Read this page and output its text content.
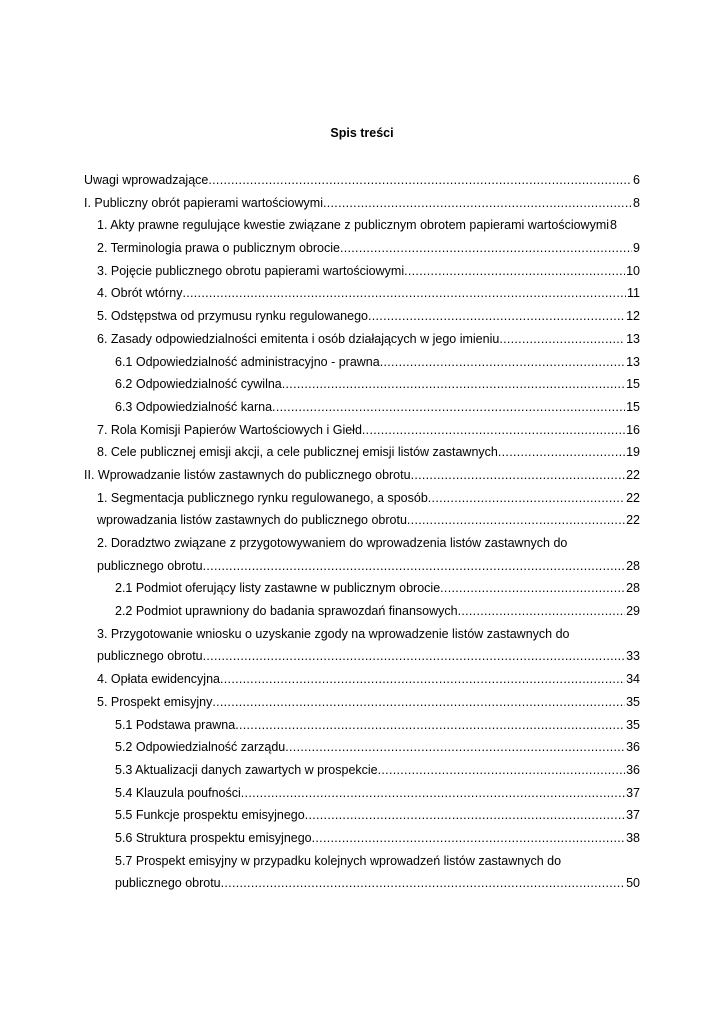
Spis treści
Uwagi wprowadzające .....	6
I. Publiczny obrót papierami wartościowymi .....	8
1. Akty prawne regulujące kwestie związane z publicznym obrotem papierami wartościowymi 8
2. Terminologia prawa o publicznym obrocie .....	9
3. Pojęcie publicznego obrotu papierami wartościowymi .....	10
4. Obrót wtórny .....	11
5. Odstępstwa od przymusu rynku regulowanego .....	12
6. Zasady odpowiedzialności emitenta i osób działających w jego imieniu .....	13
6.1 Odpowiedzialność administracyjno - prawna .....	13
6.2 Odpowiedzialność cywilna .....	15
6.3 Odpowiedzialność karna .....	15
7. Rola Komisji Papierów Wartościowych i Giełd .....	16
8. Cele publicznej emisji akcji, a cele publicznej emisji listów zastawnych .....	19
II. Wprowadzanie listów zastawnych do publicznego obrotu .....	22
1. Segmentacja publicznego rynku regulowanego, a sposób .....	22
wprowadzania listów zastawnych do publicznego obrotu .....	22
2. Doradztwo związane z przygotowywaniem do wprowadzenia listów zastawnych do
publicznego obrotu .....	28
2.1 Podmiot oferujący listy zastawne w publicznym obrocie .....	28
2.2 Podmiot uprawniony do badania sprawozdań finansowych .....	29
3. Przygotowanie wniosku o uzyskanie zgody na wprowadzenie listów zastawnych do
publicznego obrotu .....	33
4. Opłata ewidencyjna .....	34
5. Prospekt emisyjny .....	35
5.1 Podstawa prawna .....	35
5.2 Odpowiedzialność zarządu .....	36
5.3 Aktualizacji danych zawartych w prospekcie .....	36
5.4 Klauzula poufności .....	37
5.5 Funkcje prospektu emisyjnego .....	37
5.6 Struktura prospektu emisyjnego .....	38
5.7 Prospekt emisyjny w przypadku kolejnych wprowadzeń listów zastawnych do
publicznego obrotu .....	50
